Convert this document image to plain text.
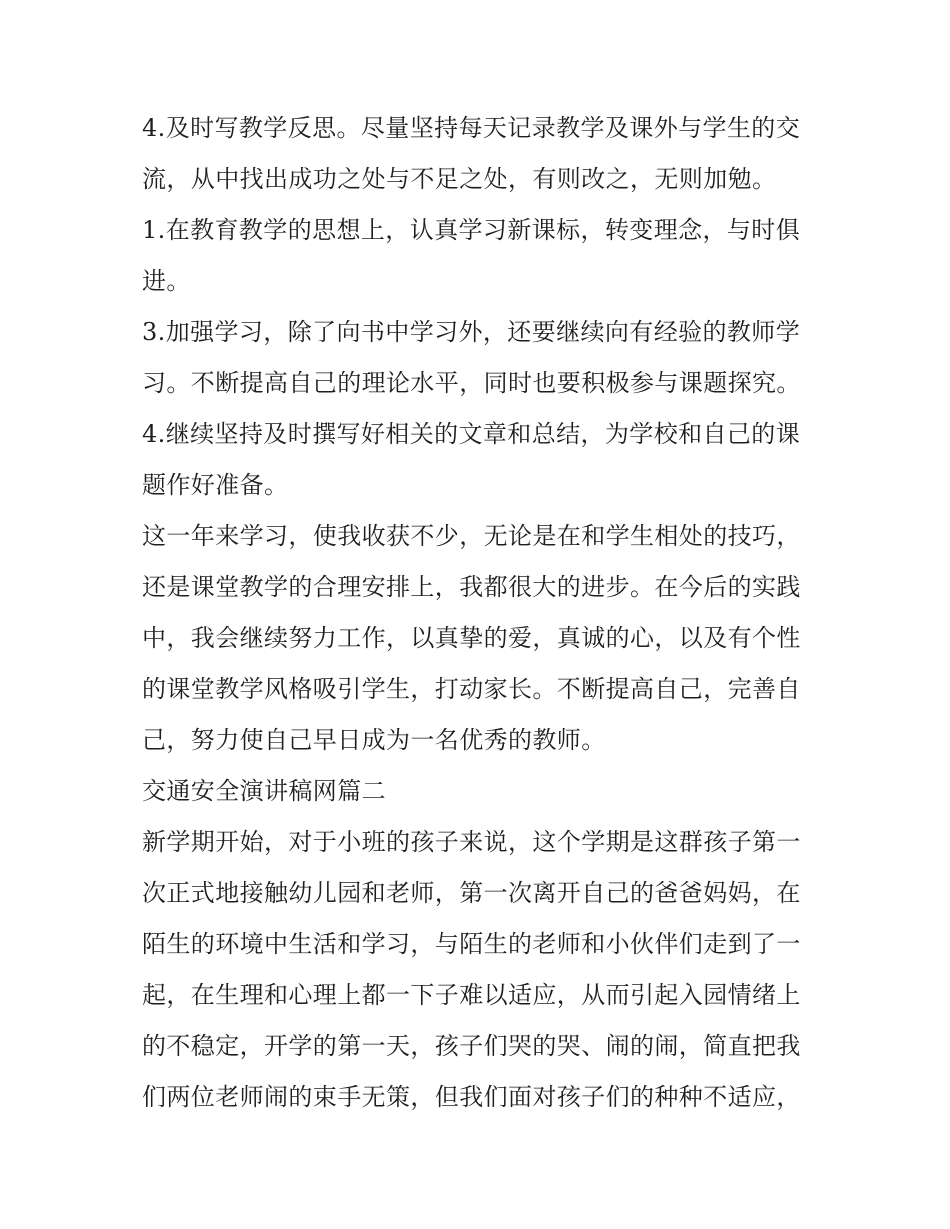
4.及时写教学反思。尽量坚持每天记录教学及课外与学生的交
流，从中找出成功之处与不足之处，有则改之，无则加勉。
1.在教育教学的思想上，认真学习新课标，转变理念，与时俱
进。
3.加强学习，除了向书中学习外，还要继续向有经验的教师学
习。不断提高自己的理论水平，同时也要积极参与课题探究。
4.继续坚持及时撰写好相关的文章和总结，为学校和自己的课
题作好准备。
这一年来学习，使我收获不少，无论是在和学生相处的技巧，
还是课堂教学的合理安排上，我都很大的进步。在今后的实践
中，我会继续努力工作，以真挚的爱，真诚的心，以及有个性
的课堂教学风格吸引学生，打动家长。不断提高自己，完善自
己，努力使自己早日成为一名优秀的教师。
交通安全演讲稿网篇二
新学期开始，对于小班的孩子来说，这个学期是这群孩子第一
次正式地接触幼儿园和老师，第一次离开自己的爸爸妈妈，在
陌生的环境中生活和学习，与陌生的老师和小伙伴们走到了一
起，在生理和心理上都一下子难以适应，从而引起入园情绪上
的不稳定，开学的第一天，孩子们哭的哭、闹的闹，简直把我
们两位老师闹的束手无策，但我们面对孩子们的种种不适应，
